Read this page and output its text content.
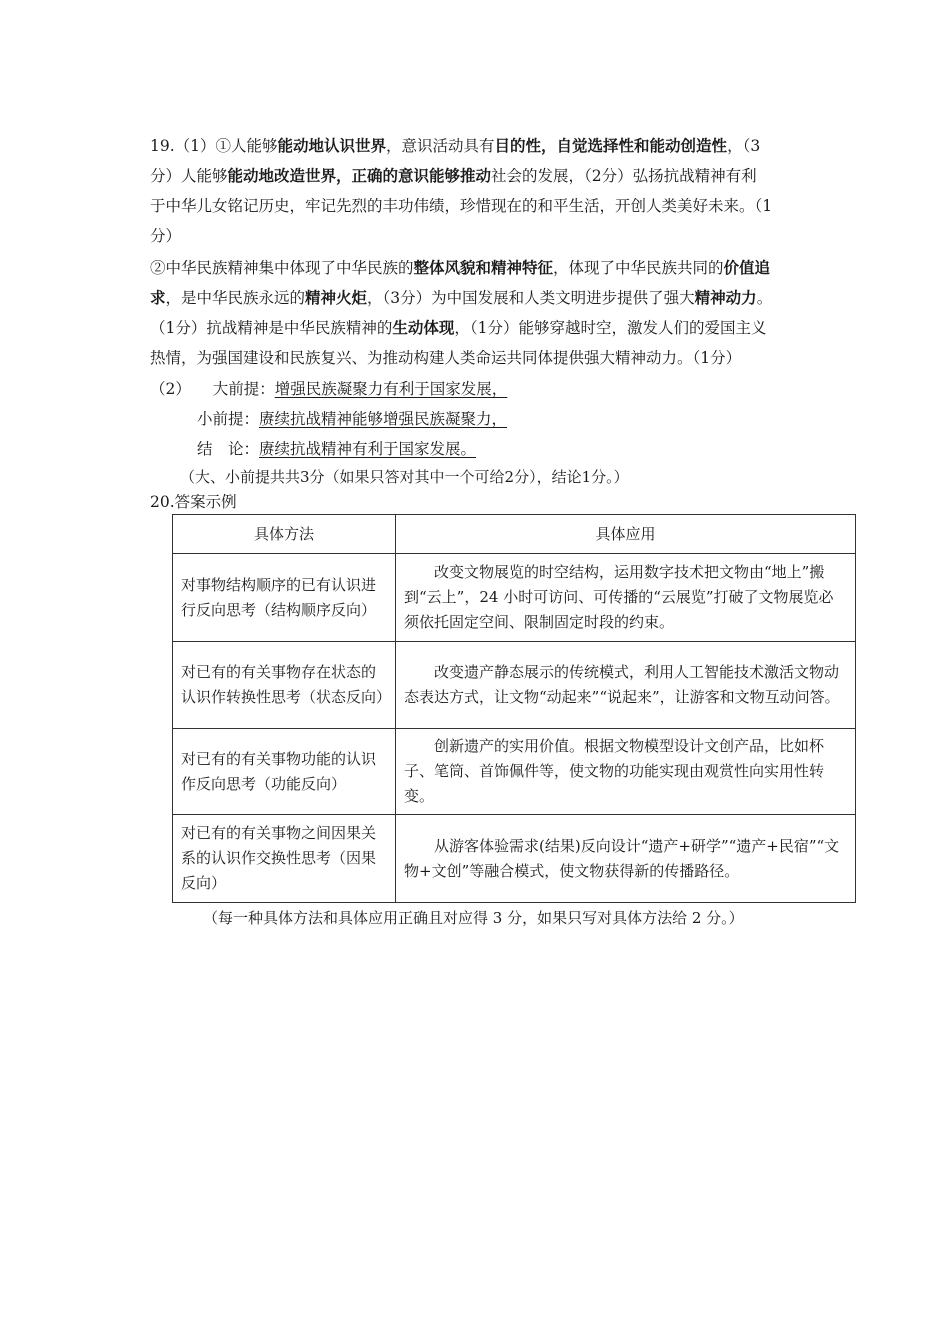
19.（1）①人能够能动地认识世界，意识活动具有目的性，自觉选择性和能动创造性，（3
分）人能够能动地改造世界，正确的意识能够推动社会的发展，（2分）弘扬抗战精神有利
于中华儿女铭记历史，牢记先烈的丰功伟绩，珍惜现在的和平生活，开创人类美好未来。（1
分）
②中华民族精神集中体现了中华民族的整体风貌和精神特征，体现了中华民族共同的价值追
求，是中华民族永远的精神火炬，（3分）为中国发展和人类文明进步提供了强大精神动力。
（1分）抗战精神是中华民族精神的生动体现，（1分）能够穿越时空，激发人们的爱国主义
热情，为强国建设和民族复兴、为推动构建人类命运共同体提供强大精神动力。（1分）
（2） 大前提：增强民族凝聚力有利于国家发展，
小前提：赓续抗战精神能够增强民族凝聚力，
结　论：赓续抗战精神有利于国家发展。
（大、小前提共共3分（如果只答对其中一个可给2分），结论1分。）
20.答案示例
具体方法	具体应用
对事物结构顺序的已有认识进行反向思考（结构顺序反向）	改变文物展览的时空结构，运用数字技术把文物由“地上”搬到“云上”，24 小时可访问、可传播的“云展览”打破了文物展览必须依托固定空间、限制固定时段的约束。
对已有的有关事物存在状态的认识作转换性思考（状态反向）	改变遗产静态展示的传统模式，利用人工智能技术激活文物动态表达方式，让文物“动起来”“说起来”，让游客和文物互动问答。
对已有的有关事物功能的认识作反向思考（功能反向）	创新遗产的实用价值。根据文物模型设计文创产品，比如杯子、笔筒、首饰佩件等，使文物的功能实现由观赏性向实用性转变。
对已有的有关事物之间因果关系的认识作交换性思考（因果反向）	从游客体验需求(结果)反向设计“遗产+研学”“遗产+民宿”“文物+文创”等融合模式，使文物获得新的传播路径。
（每一种具体方法和具体应用正确且对应得 3 分，如果只写对具体方法给 2 分。）
